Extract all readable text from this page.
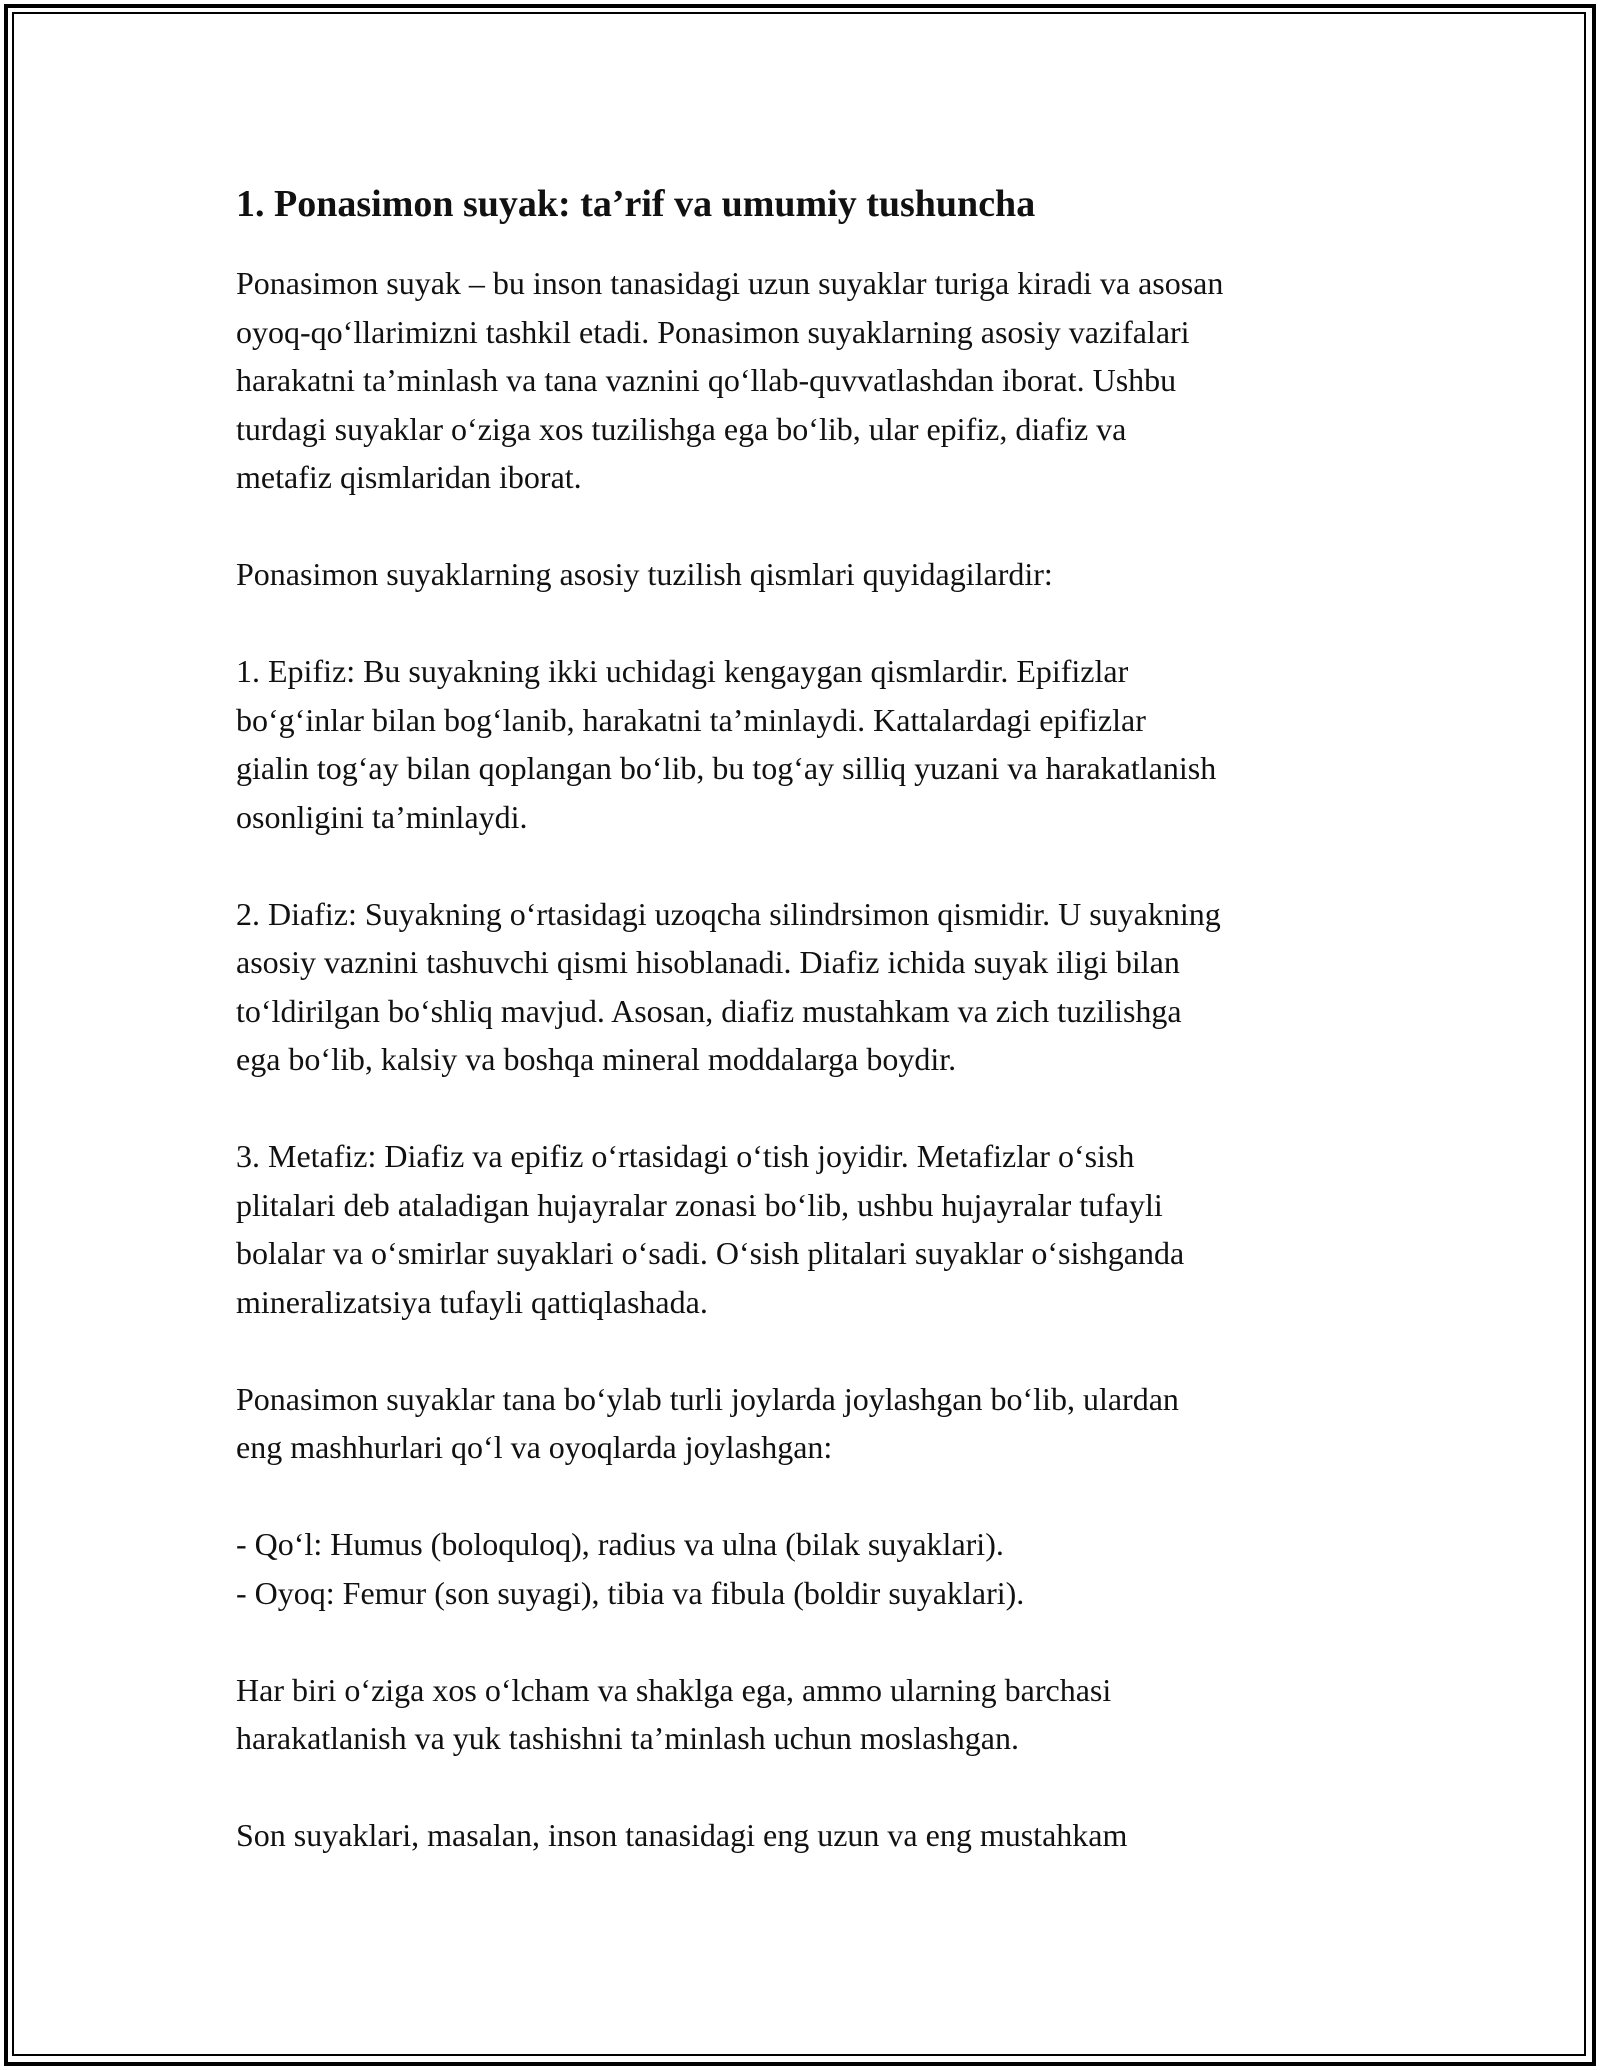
1. Ponasimon suyak: ta’rif va umumiy tushuncha

Ponasimon suyak – bu inson tanasidagi uzun suyaklar turiga kiradi va asosan
oyoq-qo‘llarimizni tashkil etadi. Ponasimon suyaklarning asosiy vazifalari
harakatni ta’minlash va tana vaznini qo‘llab-quvvatlashdan iborat. Ushbu
turdagi suyaklar o‘ziga xos tuzilishga ega bo‘lib, ular epifiz, diafiz va
metafiz qismlaridan iborat.

Ponasimon suyaklarning asosiy tuzilish qismlari quyidagilardir:

1. Epifiz: Bu suyakning ikki uchidagi kengaygan qismlardir. Epifizlar
bo‘g‘inlar bilan bog‘lanib, harakatni ta’minlaydi. Kattalardagi epifizlar
gialin tog‘ay bilan qoplangan bo‘lib, bu tog‘ay silliq yuzani va harakatlanish
osonligini ta’minlaydi.

2. Diafiz: Suyakning o‘rtasidagi uzoqcha silindrsimon qismidir. U suyakning
asosiy vaznini tashuvchi qismi hisoblanadi. Diafiz ichida suyak iligi bilan
to‘ldirilgan bo‘shliq mavjud. Asosan, diafiz mustahkam va zich tuzilishga
ega bo‘lib, kalsiy va boshqa mineral moddalarga boydir.

3. Metafiz: Diafiz va epifiz o‘rtasidagi o‘tish joyidir. Metafizlar o‘sish
plitalari deb ataladigan hujayralar zonasi bo‘lib, ushbu hujayralar tufayli
bolalar va o‘smirlar suyaklari o‘sadi. O‘sish plitalari suyaklar o‘sishganda
mineralizatsiya tufayli qattiqlashada.

Ponasimon suyaklar tana bo‘ylab turli joylarda joylashgan bo‘lib, ulardan
eng mashhurlari qo‘l va oyoqlarda joylashgan:

- Qo‘l: Humus (boloquloq), radius va ulna (bilak suyaklari).
- Oyoq: Femur (son suyagi), tibia va fibula (boldir suyaklari).

Har biri o‘ziga xos o‘lcham va shaklga ega, ammo ularning barchasi
harakatlanish va yuk tashishni ta’minlash uchun moslashgan.

Son suyaklari, masalan, inson tanasidagi eng uzun va eng mustahkam
